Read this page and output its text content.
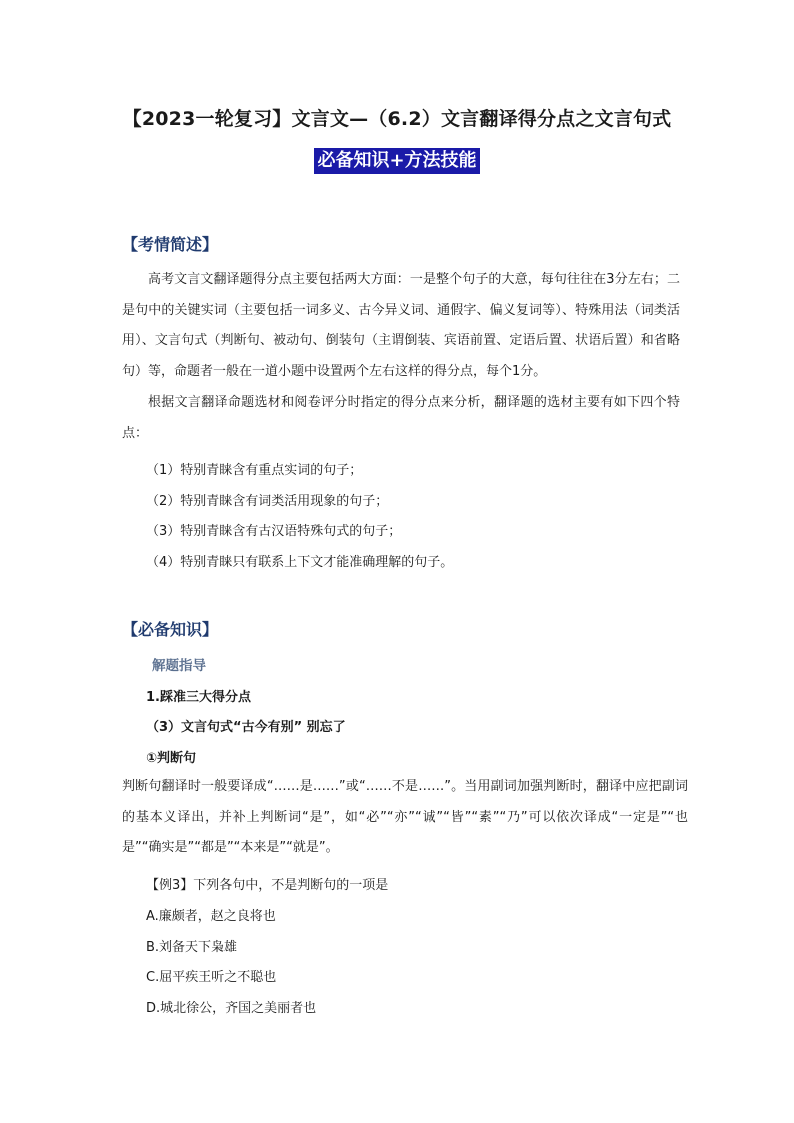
【2023一轮复习】文言文—（6.2）文言翻译得分点之文言句式
必备知识+方法技能
【考情简述】

高考文言文翻译题得分点主要包括两大方面：一是整个句子的大意，每句往往在3分左右；二是句中的关键实词（主要包括一词多义、古今异义词、通假字、偏义复词等）、特殊用法（词类活用）、文言句式（判断句、被动句、倒装句（主谓倒装、宾语前置、定语后置、状语后置）和省略句）等，命题者一般在一道小题中设置两个左右这样的得分点，每个1分。

根据文言翻译命题选材和阅卷评分时指定的得分点来分析，翻译题的选材主要有如下四个特点：

（1）特别青睐含有重点实词的句子；
（2）特别青睐含有词类活用现象的句子；
（3）特别青睐含有古汉语特殊句式的句子；
（4）特别青睐只有联系上下文才能准确理解的句子。
【必备知识】
解题指导
1.踩准三大得分点
（3）文言句式“古今有别” 别忘了
①判断句

判断句翻译时一般要译成“……是……”或“……不是……”。当用副词加强判断时，翻译中应把副词的基本义译出，并补上判断词“是”，如“必”“亦”“诚”“皆”“素”“乃”可以依次译成“一定是”“也是”“确实是”“都是”“本来是”“就是”。

【例3】下列各句中，不是判断句的一项是
A.廉颇者，赵之良将也
B.刘备天下枭雄
C.屈平疾王听之不聪也
D.城北徐公，齐国之美丽者也
